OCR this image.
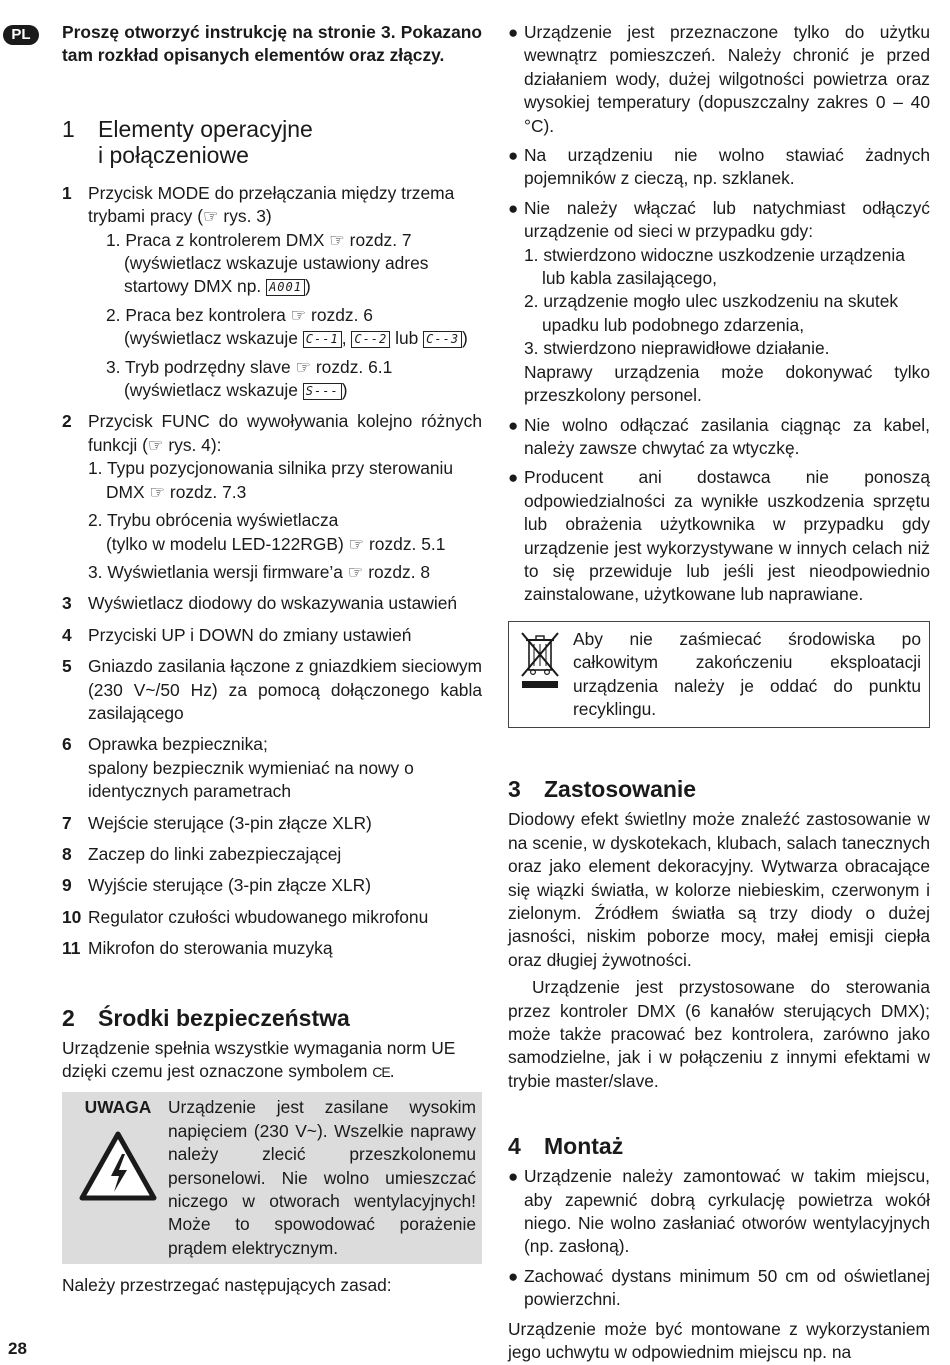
PL
28

Proszę otworzyć instrukcję na stronie 3. Pokazano tam rozkład opisanych elementów oraz złączy.

1	Elementy operacyjne
i połączeniowe
1 Przycisk MODE do przełączania między trzema trybami pracy (☞ rys. 3)

1. Praca z kontrolerem DMX ☞ rozdz. 7

(wyświetlacz wskazuje ustawiony adres startowy DMX np. A001 )

2. Praca bez kontrolera ☞ rozdz. 6

(wyświetlacz wskazuje C--1 , C--2 lub C--3 )

3. Tryb podrzędny slave ☞ rozdz. 6.1

(wyświetlacz wskazuje S--- )

2 Przycisk FUNC do wywoływania kolejno różnych funkcji (☞ rys. 4):

1. Typu pozycjonowania silnika przy sterowaniu DMX ☞ rozdz. 7.3

2. Trybu obrócenia wyświetlacza

(tylko w modelu LED-122RGB) ☞ rozdz. 5.1

3. Wyświetlania wersji firmware’a ☞ rozdz. 8

3 Wyświetlacz diodowy do wskazywania ustawień

4 Przyciski UP i DOWN do zmiany ustawień

5 Gniazdo zasilania łączone z gniazdkiem sieciowym (230 V~/50 Hz) za pomocą dołączonego kabla zasilającego

6 Oprawka bezpiecznika;

spalony bezpiecznik wymieniać na nowy o identycznych parametrach

7 Wejście sterujące (3-pin złącze XLR)

8 Zaczep do linki zabezpieczającej

9 Wyjście sterujące (3-pin złącze XLR)

10 Regulator czułości wbudowanego mikrofonu

11 Mikrofon do sterowania muzyką

2	Środki bezpieczeństwa

Urządzenie spełnia wszystkie wymagania norm UE dzięki czemu jest oznaczone symbolem CE.

UWAGA Urządzenie jest zasilane wysokim napięciem (230 V~). Wszelkie naprawy należy zlecić przeszkolonemu personelowi. Nie wolno umieszczać niczego w otworach wentylacyjnych! Może to spowodować porażenie prądem elektrycznym.

Należy przestrzegać następujących zasad:

● Urządzenie jest przeznaczone tylko do użytku wewnątrz pomieszczeń. Należy chronić je przed działaniem wody, dużej wilgotności powietrza oraz wysokiej temperatury (dopuszczalny zakres 0 – 40 °C).

● Na urządzeniu nie wolno stawiać żadnych pojemników z cieczą, np. szklanek.

● Nie należy włączać lub natychmiast odłączyć urządzenie od sieci w przypadku gdy:

1. stwierdzono widoczne uszkodzenie urządzenia lub kabla zasilającego,

2. urządzenie mogło ulec uszkodzeniu na skutek upadku lub podobnego zdarzenia,

3. stwierdzono nieprawidłowe działanie.

Naprawy urządzenia może dokonywać tylko przeszkolony personel.

● Nie wolno odłączać zasilania ciągnąc za kabel, należy zawsze chwytać za wtyczkę.

● Producent ani dostawca nie ponoszą odpowiedzialności za wynikłe uszkodzenia sprzętu lub obrażenia użytkownika w przypadku gdy urządzenie jest wykorzystywane w innych celach niż to się przewiduje lub jeśli jest nieodpowiednio zainstalowane, użytkowane lub naprawiane.

Aby nie zaśmiecać środowiska po całkowitym zakończeniu eksploatacji urządzenia należy je oddać do punktu recyklingu.

3	Zastosowanie

Diodowy efekt świetlny może znaleźć zastosowanie w na scenie, w dyskotekach, klubach, salach tanecznych oraz jako element dekoracyjny. Wytwarza obracające się wiązki światła, w kolorze niebieskim, czerwonym i zielonym. Źródłem światła są trzy diody o dużej jasności, niskim poborze mocy, małej emisji ciepła oraz długiej żywotności.

Urządzenie jest przystosowane do sterowania przez kontroler DMX (6 kanałów sterujących DMX); może także pracować bez kontrolera, zarówno jako samodzielne, jak i w połączeniu z innymi efektami w trybie master/slave.

4	Montaż
● Urządzenie należy zamontować w takim miejscu, aby zapewnić dobrą cyrkulację powietrza wokół niego. Nie wolno zasłaniać otworów wentylacyjnych (np. zasłoną).

● Zachować dystans minimum 50 cm od oświetlanej powierzchni.

Urządzenie może być montowane z wykorzystaniem jego uchwytu w odpowiednim miejscu np. na
